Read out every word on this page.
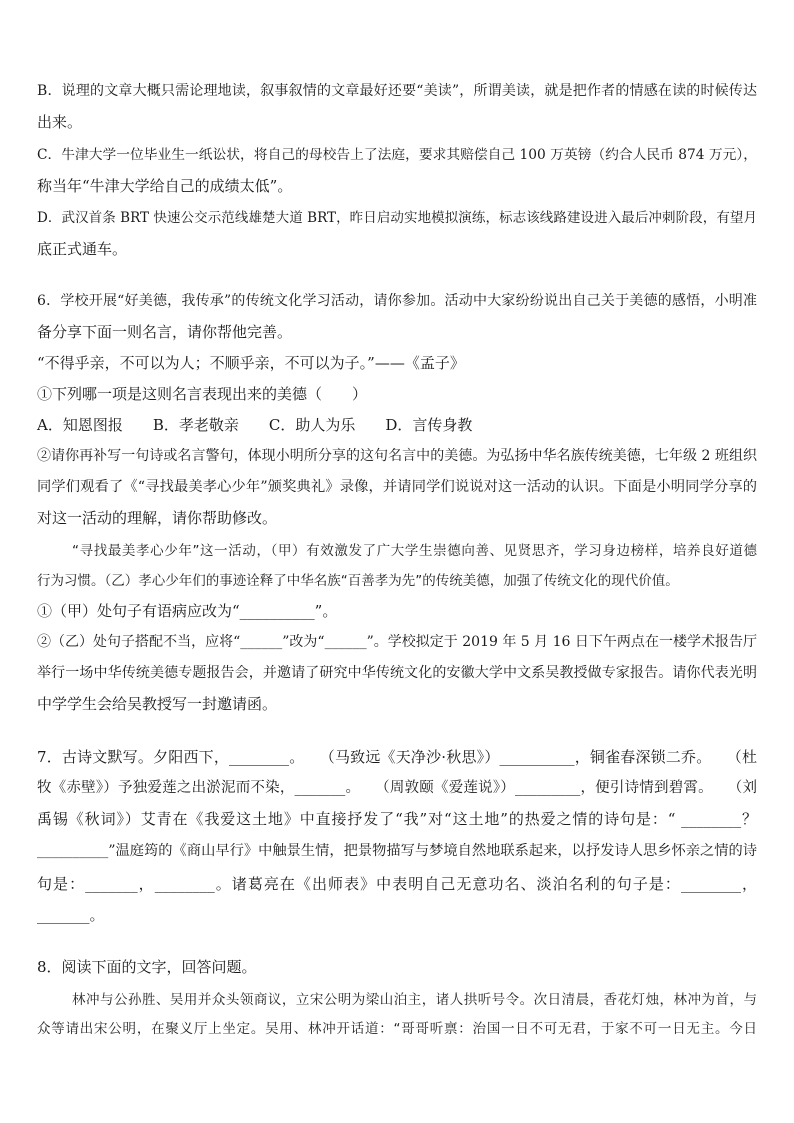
B．说理的文章大概只需论理地读，叙事叙情的文章最好还要“美读”，所谓美读，就是把作者的情感在读的时候传达
出来。
C．牛津大学一位毕业生一纸讼状，将自己的母校告上了法庭，要求其赔偿自己 100 万英镑（约合人民币 874 万元），
称当年“牛津大学给自己的成绩太低”。
D．武汉首条 BRT 快速公交示范线雄楚大道 BRT，昨日启动实地模拟演练，标志该线路建设进入最后冲刺阶段，有望月
底正式通车。
6．学校开展“好美德，我传承”的传统文化学习活动，请你参加。活动中大家纷纷说出自己关于美德的感悟，小明准
备分享下面一则名言，请你帮他完善。
“不得乎亲，不可以为人；不顺乎亲，不可以为子。”——《孟子》
①下列哪一项是这则名言表现出来的美德（　　）
A．知恩图报　　B．孝老敬亲　　C．助人为乐　　D．言传身教
②请你再补写一句诗或名言警句，体现小明所分享的这句名言中的美德。为弘扬中华名族传统美德，七年级 2 班组织
同学们观看了《“寻找最美孝心少年”颁奖典礼》录像，并请同学们说说对这一活动的认识。下面是小明同学分享的
对这一活动的理解，请你帮助修改。
“寻找最美孝心少年”这一活动，（甲）有效激发了广大学生崇德向善、见贤思齐，学习身边榜样，培养良好道德
行为习惯。（乙）孝心少年们的事迹诠释了中华名族“百善孝为先”的传统美德，加强了传统文化的现代价值。
①（甲）处句子有语病应改为“__________”。
②（乙）处句子搭配不当，应将“______”改为“______”。学校拟定于 2019 年 5 月 16 日下午两点在一楼学术报告厅
举行一场中华传统美德专题报告会，并邀请了研究中华传统文化的安徽大学中文系吴教授做专家报告。请你代表光明
中学学生会给吴教授写一封邀请函。
7．古诗文默写。夕阳西下，________。　　（马致远《天净沙·秋思》）__________，铜雀春深锁二乔。　　（杜
牧《赤壁》）予独爱莲之出淤泥而不染，_______。　　（周敦颐《爱莲说》）_________，便引诗情到碧霄。　　（刘
禹锡《秋词》）艾青在《我爱这土地》中直接抒发了“我”对“这土地”的热爱之情的诗句是：“ ________？
__________”温庭筠的《商山早行》中触景生情，把景物描写与梦境自然地联系起来，以抒发诗人思乡怀亲之情的诗
句是：_______，________。诸葛亮在《出师表》中表明自己无意功名、淡泊名利的句子是：________，
_______。
8．阅读下面的文字，回答问题。
林冲与公孙胜、吴用并众头领商议，立宋公明为梁山泊主，诸人拱听号令。次日清晨，香花灯烛，林冲为首，与
众等请出宋公明，在聚义厅上坐定。吴用、林冲开话道：“哥哥听禀：治国一日不可无君，于家不可一日无主。今日
